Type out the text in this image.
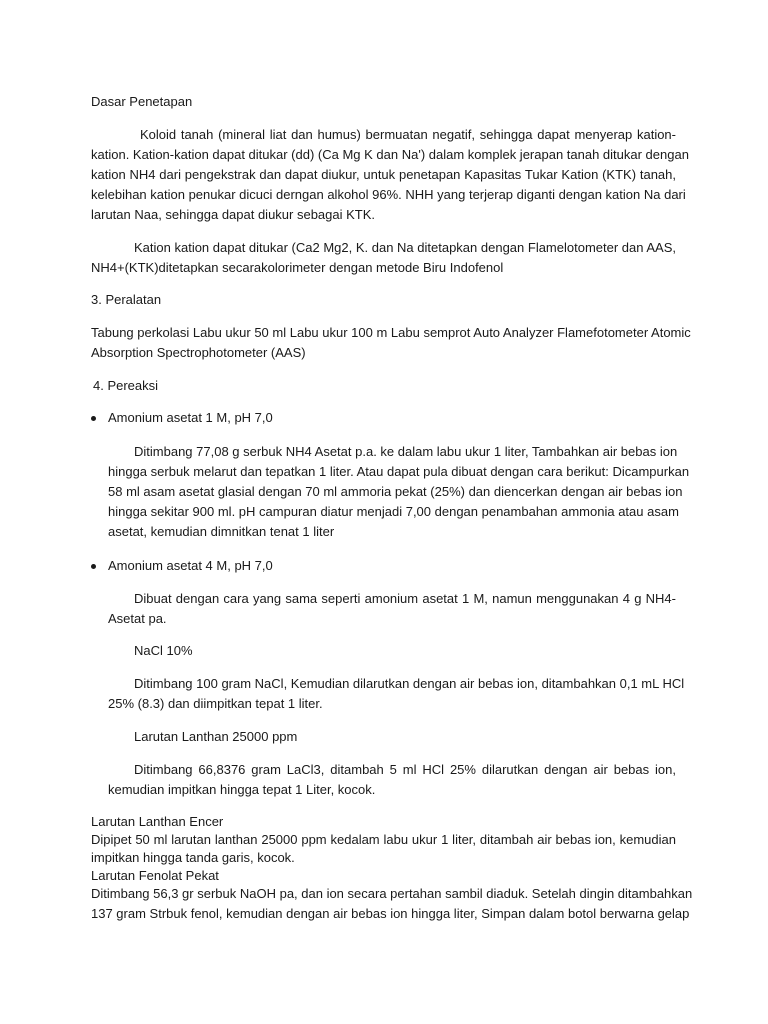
Dasar Penetapan
Koloid tanah (mineral liat dan humus) bermuatan negatif, sehingga dapat menyerap kation-
kation. Kation-kation dapat ditukar (dd) (Ca Mg K dan Na') dalam komplek jerapan tanah ditukar dengan
kation NH4 dari pengekstrak dan dapat diukur, untuk penetapan Kapasitas Tukar Kation (KTK) tanah,
kelebihan kation penukar dicuci derngan alkohol 96%. NHH yang terjerap diganti dengan kation Na dari
larutan Naa, sehingga dapat diukur sebagai KTK.
Kation kation dapat ditukar (Ca2 Mg2, K. dan Na ditetapkan dengan Flamelotometer dan AAS,
NH4+(KTK)ditetapkan secarakolorimeter dengan metode Biru Indofenol
3. Peralatan
Tabung perkolasi Labu ukur 50 ml Labu ukur 100 m Labu semprot Auto Analyzer Flamefotometer Atomic
Absorption Spectrophotometer (AAS)
4. Pereaksi
Amonium asetat 1 M, pH 7,0
Ditimbang 77,08 g serbuk NH4 Asetat p.a. ke dalam labu ukur 1 liter, Tambahkan air bebas ion
hingga serbuk melarut dan tepatkan 1 liter. Atau dapat pula dibuat dengan cara berikut: Dicampurkan
58 ml asam asetat glasial dengan 70 ml ammoria pekat (25%) dan diencerkan dengan air bebas ion
hingga sekitar 900 ml. pH campuran diatur menjadi 7,00 dengan penambahan ammonia atau asam
asetat, kemudian dimnitkan tenat 1 liter
Amonium asetat 4 M, pH 7,0
Dibuat dengan cara yang sama seperti amonium asetat 1 M, namun menggunakan 4 g NH4-
Asetat pa.
NaCl 10%
Ditimbang 100 gram NaCl, Kemudian dilarutkan dengan air bebas ion, ditambahkan 0,1 mL HCl
25% (8.3) dan diimpitkan tepat 1 liter.
Larutan Lanthan 25000 ppm
Ditimbang 66,8376 gram LaCl3, ditambah 5 ml HCl 25% dilarutkan dengan air bebas ion,
kemudian impitkan hingga tepat 1 Liter, kocok.
Larutan Lanthan Encer
Dipipet 50 ml larutan lanthan 25000 ppm kedalam labu ukur 1 liter, ditambah air bebas ion, kemudian
impitkan hingga tanda garis, kocok.
Larutan Fenolat Pekat
Ditimbang 56,3 gr serbuk NaOH pa, dan ion secara pertahan sambil diaduk. Setelah dingin ditambahkan
137 gram Strbuk fenol, kemudian dengan air bebas ion hingga liter, Simpan dalam botol berwarna gelap
